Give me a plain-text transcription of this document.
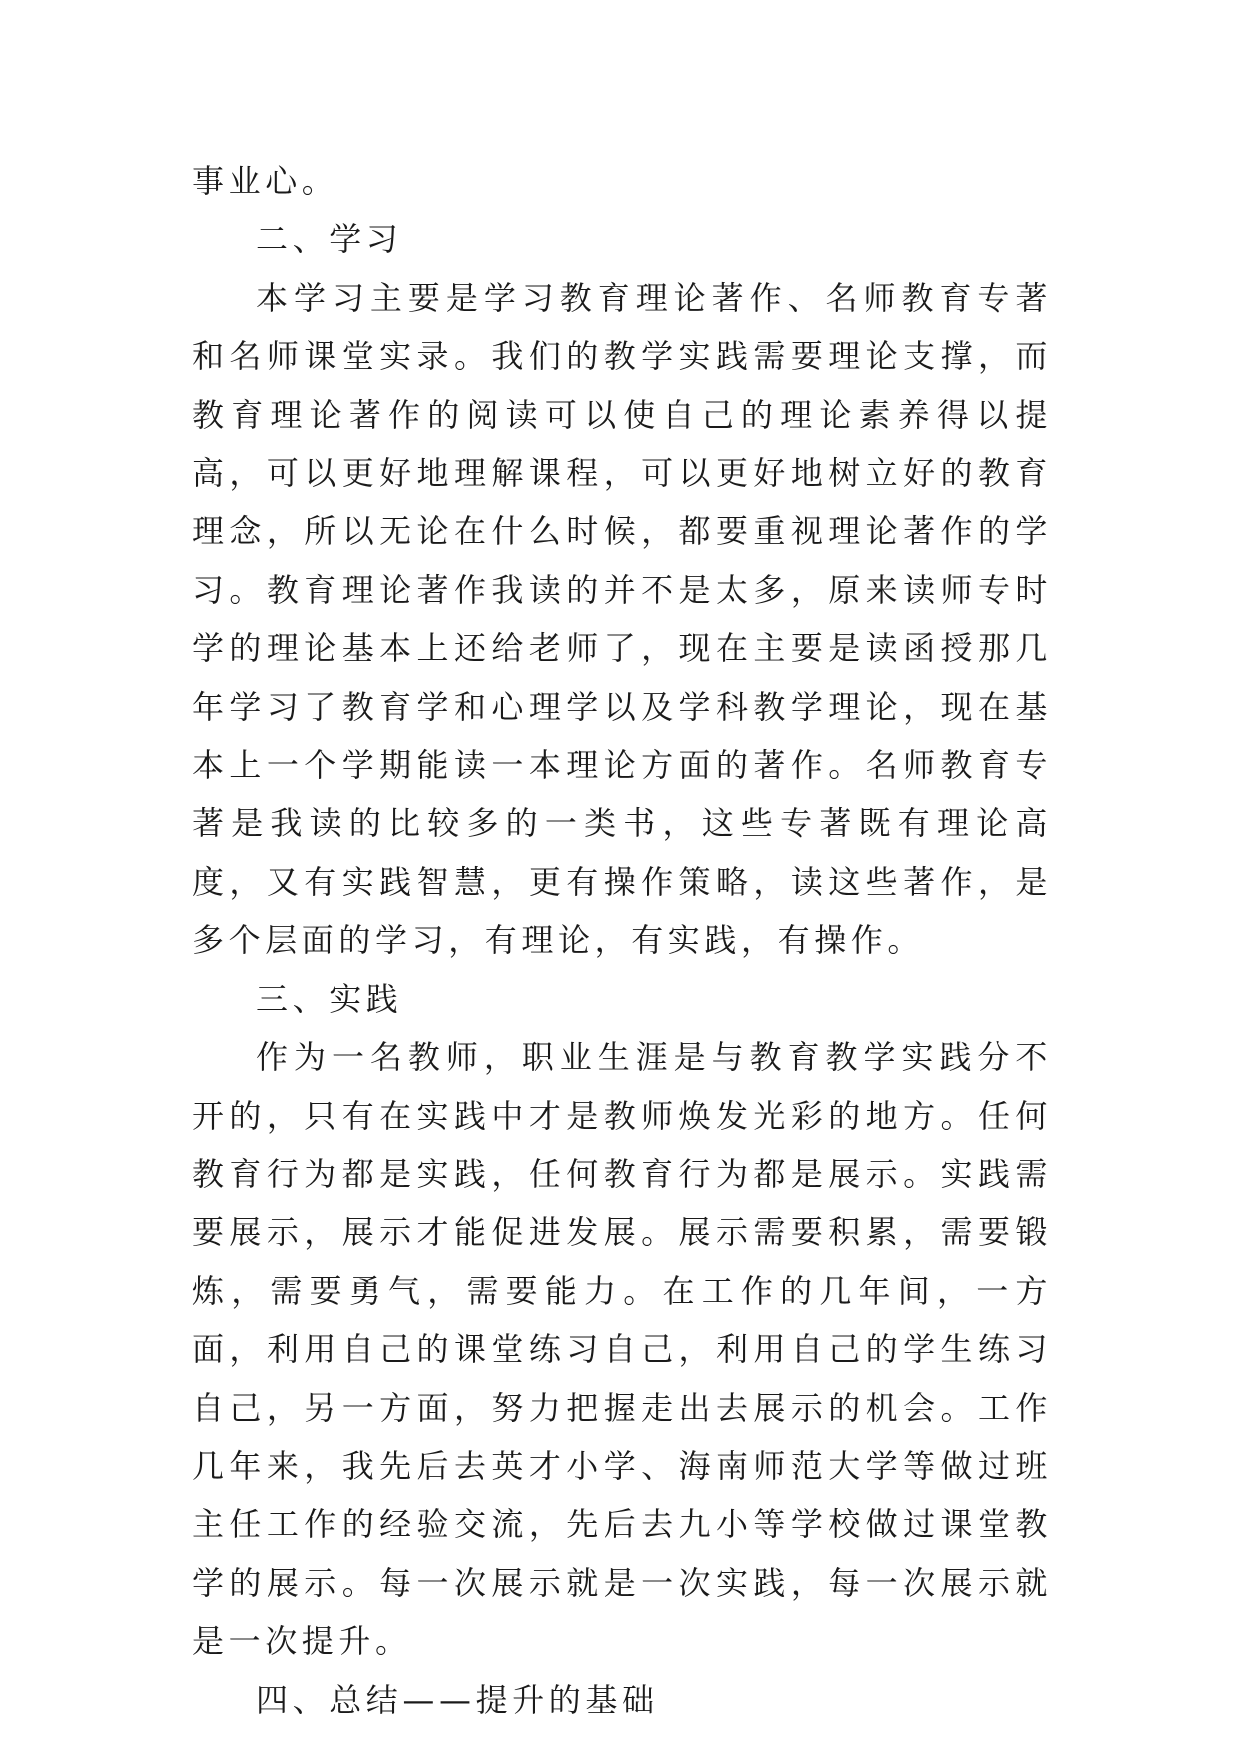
事业心。

二、学习

本学习主要是学习教育理论著作、名师教育专著和名师课堂实录。我们的教学实践需要理论支撑，而教育理论著作的阅读可以使自己的理论素养得以提高，可以更好地理解课程，可以更好地树立好的教育理念，所以无论在什么时候，都要重视理论著作的学习。教育理论著作我读的并不是太多，原来读师专时学的理论基本上还给老师了，现在主要是读函授那几年学习了教育学和心理学以及学科教学理论，现在基本上一个学期能读一本理论方面的著作。名师教育专著是我读的比较多的一类书，这些专著既有理论高度，又有实践智慧，更有操作策略，读这些著作，是多个层面的学习，有理论，有实践，有操作。

三、实践

作为一名教师，职业生涯是与教育教学实践分不开的，只有在实践中才是教师焕发光彩的地方。任何教育行为都是实践，任何教育行为都是展示。实践需要展示，展示才能促进发展。展示需要积累，需要锻炼，需要勇气，需要能力。在工作的几年间，一方面，利用自己的课堂练习自己，利用自己的学生练习自己，另一方面，努力把握走出去展示的机会。工作几年来，我先后去英才小学、海南师范大学等做过班主任工作的经验交流，先后去九小等学校做过课堂教学的展示。每一次展示就是一次实践，每一次展示就是一次提升。

四、总结——提升的基础
